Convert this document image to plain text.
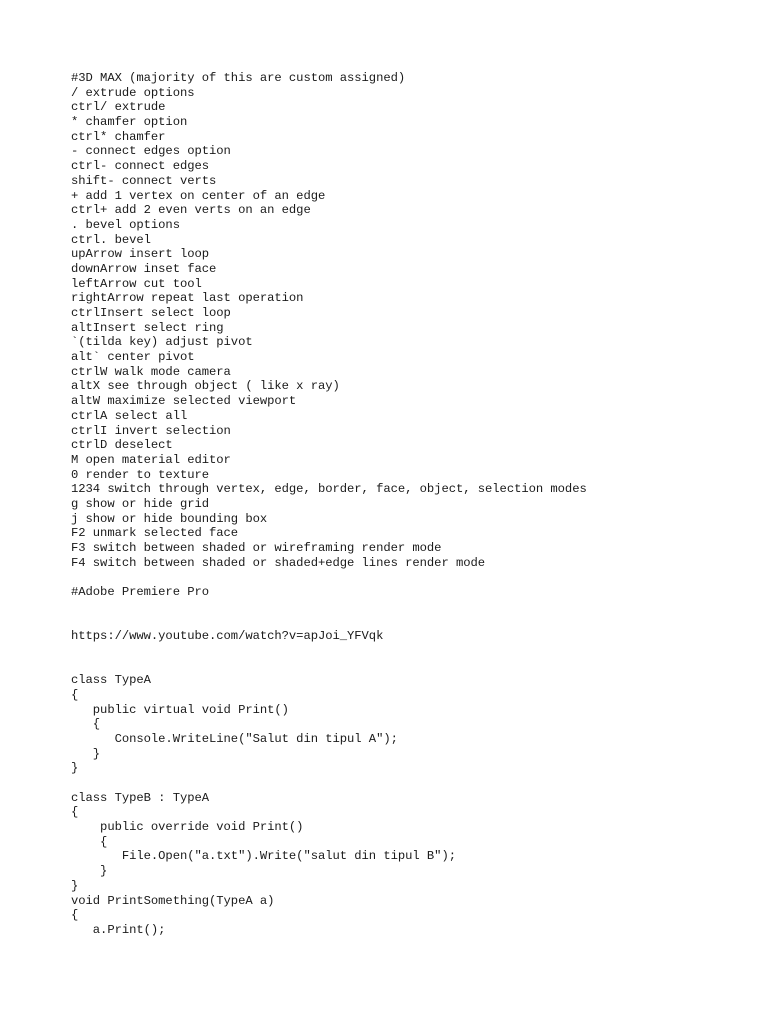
#3D MAX (majority of this are custom assigned)
/ extrude options
ctrl/ extrude
* chamfer option
ctrl* chamfer
- connect edges option
ctrl- connect edges
shift- connect verts
+ add 1 vertex on center of an edge
ctrl+ add 2 even verts on an edge
. bevel options
ctrl. bevel
upArrow insert loop
downArrow inset face
leftArrow cut tool
rightArrow repeat last operation
ctrlInsert select loop
altInsert select ring
`(tilda key) adjust pivot
alt` center pivot
ctrlW walk mode camera
altX see through object ( like x ray)
altW maximize selected viewport
ctrlA select all
ctrlI invert selection
ctrlD deselect
M open material editor
0 render to texture
1234 switch through vertex, edge, border, face, object, selection modes
g show or hide grid
j show or hide bounding box
F2 unmark selected face
F3 switch between shaded or wireframing render mode
F4 switch between shaded or shaded+edge lines render mode
#Adobe Premiere Pro
https://www.youtube.com/watch?v=apJoi_YFVqk
class TypeA
{
public virtual void Print()
{
Console.WriteLine("Salut din tipul A");
}
}
class TypeB : TypeA
{
public override void Print()
{
File.Open("a.txt").Write("salut din tipul B");
}
}
void PrintSomething(TypeA a)
{
a.Print();
